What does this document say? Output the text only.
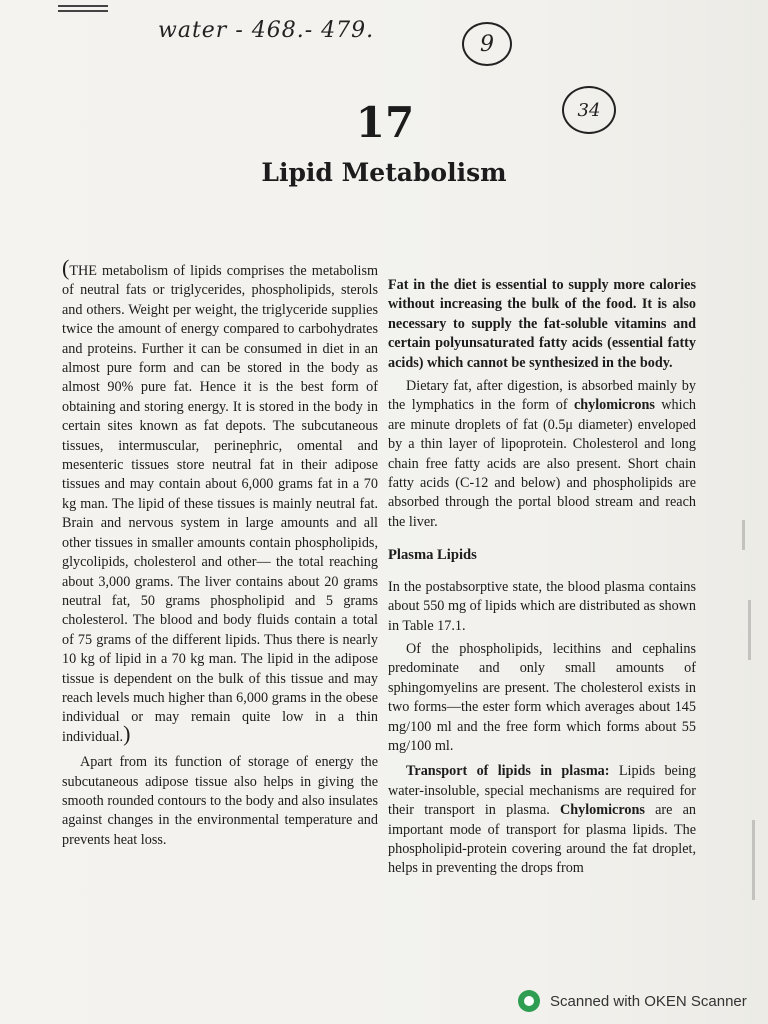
water - 468.- 479.
9
34
17
Lipid Metabolism

(THE metabolism of lipids comprises the metabolism of neutral fats or triglycerides, phospholipids, sterols and others. Weight per weight, the triglyceride supplies twice the amount of energy compared to carbohydrates and proteins. Further it can be consumed in diet in an almost pure form and can be stored in the body as almost 90% pure fat. Hence it is the best form of obtaining and storing energy. It is stored in the body in certain sites known as fat depots. The subcutaneous tissues, intermuscular, perinephric, omental and mesenteric tissues store neutral fat in their adipose tissues and may contain about 6,000 grams fat in a 70 kg man. The lipid of these tissues is mainly neutral fat. Brain and nervous system in large amounts and all other tissues in smaller amounts contain phospholipids, glycolipids, cholesterol and other— the total reaching about 3,000 grams. The liver contains about 20 grams neutral fat, 50 grams phospholipid and 5 grams cholesterol. The blood and body fluids contain a total of 75 grams of the different lipids. Thus there is nearly 10 kg of lipid in a 70 kg man. The lipid in the adipose tissue is dependent on the bulk of this tissue and may reach levels much higher than 6,000 grams in the obese individual or may remain quite low in a thin individual.)

Apart from its function of storage of energy the subcutaneous adipose tissue also helps in giving the smooth rounded contours to the body and also insulates against changes in the environmental temperature and prevents heat loss.

Fat in the diet is essential to supply more calories without increasing the bulk of the food. It is also necessary to supply the fat-soluble vitamins and certain polyunsaturated fatty acids (essential fatty acids) which cannot be synthesized in the body.

Dietary fat, after digestion, is absorbed mainly by the lymphatics in the form of chylomicrons which are minute droplets of fat (0.5μ diameter) enveloped by a thin layer of lipoprotein. Cholesterol and long chain free fatty acids are also present. Short chain fatty acids (C-12 and below) and phospholipids are absorbed through the portal blood stream and reach the liver.

Plasma Lipids

In the postabsorptive state, the blood plasma contains about 550 mg of lipids which are distributed as shown in Table 17.1.

Of the phospholipids, lecithins and cephalins predominate and only small amounts of sphingomyelins are present. The cholesterol exists in two forms—the ester form which averages about 145 mg/100 ml and the free form which forms about 55 mg/100 ml.

Transport of lipids in plasma: Lipids being water-insoluble, special mechanisms are required for their transport in plasma. Chylomicrons are an important mode of transport for plasma lipids. The phospholipid-protein covering around the fat droplet, helps in preventing the drops from

Scanned with OKEN Scanner
